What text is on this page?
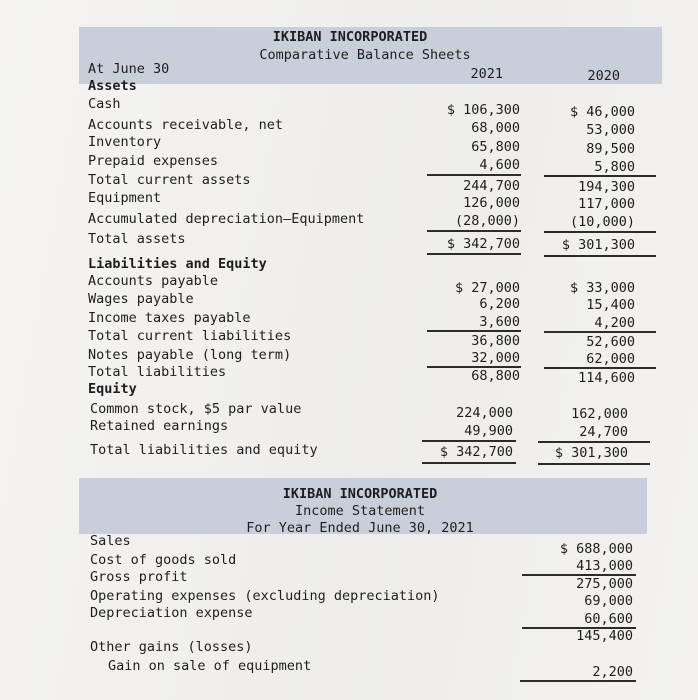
IKIBAN INCORPORATED
Comparative Balance Sheets
At June 30	2021	2020
Assets
Cash	$ 106,300	$ 46,000
Accounts receivable, net	68,000	53,000
Inventory	65,800	89,500
Prepaid expenses	4,600	5,800
Total current assets	244,700	194,300
Equipment	126,000	117,000
Accumulated depreciation—Equipment	(28,000)	(10,000)
Total assets	$ 342,700	$ 301,300
Liabilities and Equity
Accounts payable	$ 27,000	$ 33,000
Wages payable	6,200	15,400
Income taxes payable	3,600	4,200
Total current liabilities	36,800	52,600
Notes payable (long term)	32,000	62,000
Total liabilities	68,800	114,600
Equity
Common stock, $5 par value	224,000	162,000
Retained earnings	49,900	24,700
Total liabilities and equity	$ 342,700	$ 301,300
IKIBAN INCORPORATED
Income Statement
For Year Ended June 30, 2021
Sales	$ 688,000
Cost of goods sold	413,000
Gross profit	275,000
Operating expenses (excluding depreciation)	69,000
Depreciation expense	60,600
145,400
Other gains (losses)
Gain on sale of equipment	2,200
